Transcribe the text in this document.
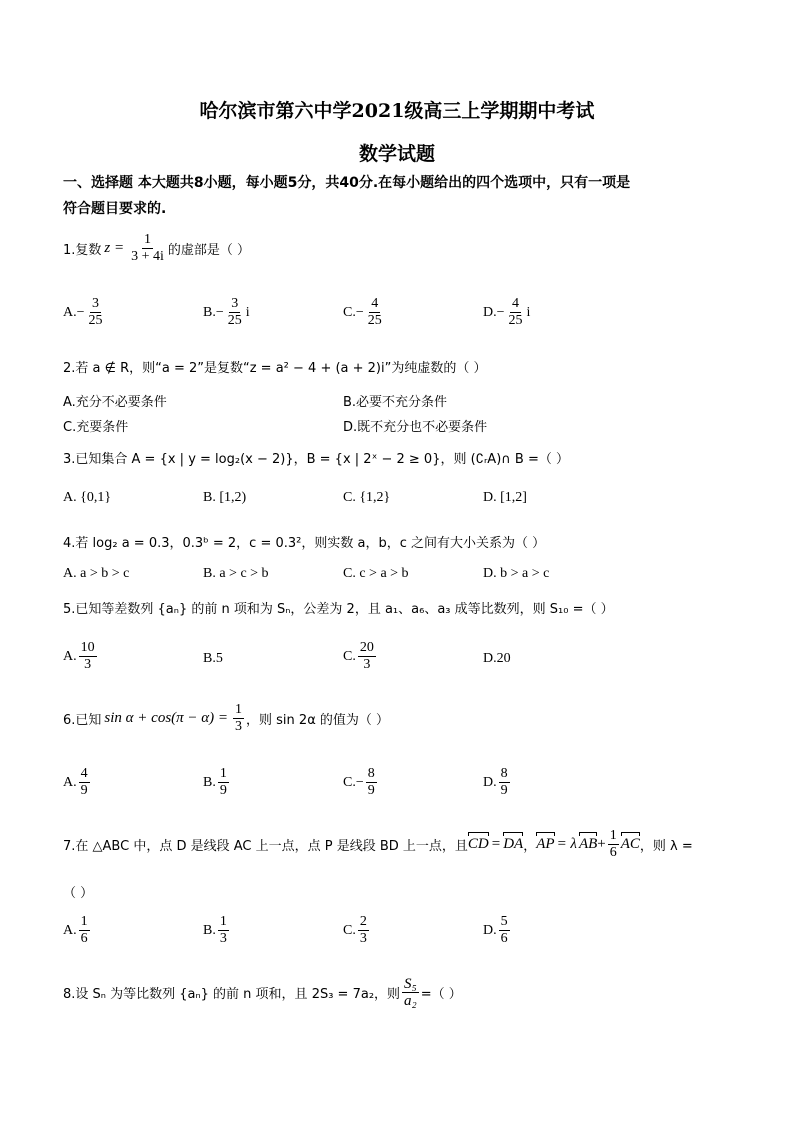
哈尔滨市第六中学2021级高三上学期期中考试
数学试题
一、选择题 本大题共8小题，每小题5分，共40分.在每小题给出的四个选项中，只有一项是
符合题目要求的.
1.复数 $z = \frac{1}{3 + 4i}$ 的虚部是（ ）
A. − $\frac{3}{25}$	B. − $\frac{3}{25}$ i	C. − $\frac{4}{25}$	D. − $\frac{4}{25}$ i
2.若 a ∉ R，则“a = 2”是复数“z = a² − 4 + (a + 2)i”为纯虚数的（ ）
A.充分不必要条件	B.必要不充分条件
C.充要条件	D.既不充分也不必要条件
3.已知集合 A = {x | y = log₂(x − 2)}，B = {x | 2ˣ − 2 ≥ 0}，则 (∁ᵣA)∩ B =（ ）
A. {0,1}	B. [1,2)	C. {1,2}	D. [1,2]
4.若 log₂ a = 0.3，0.3ᵇ = 2，c = 0.3²，则实数 a，b，c 之间有大小关系为（ ）
A. a > b > c	B. a > c > b	C. c > a > b	D. b > a > c
5.已知等差数列 {aₙ} 的前 n 项和为 Sₙ，公差为 2，且 a₁、a₆、a₃ 成等比数列，则 S₁₀ =（ ）
A. $\frac{10}{3}$	B.5	C. $\frac{20}{3}$	D.20
6.已知 $\sin \alpha + \cos(\pi - \alpha) = \frac{1}{3}$ ，则 sin 2α 的值为（ ）
A. $\frac{4}{9}$	B. $\frac{1}{9}$	C. − $\frac{8}{9}$	D. $\frac{8}{9}$
7.在 △ABC 中，点 D 是线段 AC 上一点，点 P 是线段 BD 上一点，且 CD = DA ， AP = λ AB + $\frac{1}{6}$ AC ，则 λ =
（ ）
A. $\frac{1}{6}$	B. $\frac{1}{3}$	C. $\frac{2}{3}$	D. $\frac{5}{6}$
8.设 Sₙ 为等比数列 {aₙ} 的前 n 项和，且 2S₃ = 7a₂，则 $\frac{\text{S₅}}{\text{a₂}}$ =（ ）
